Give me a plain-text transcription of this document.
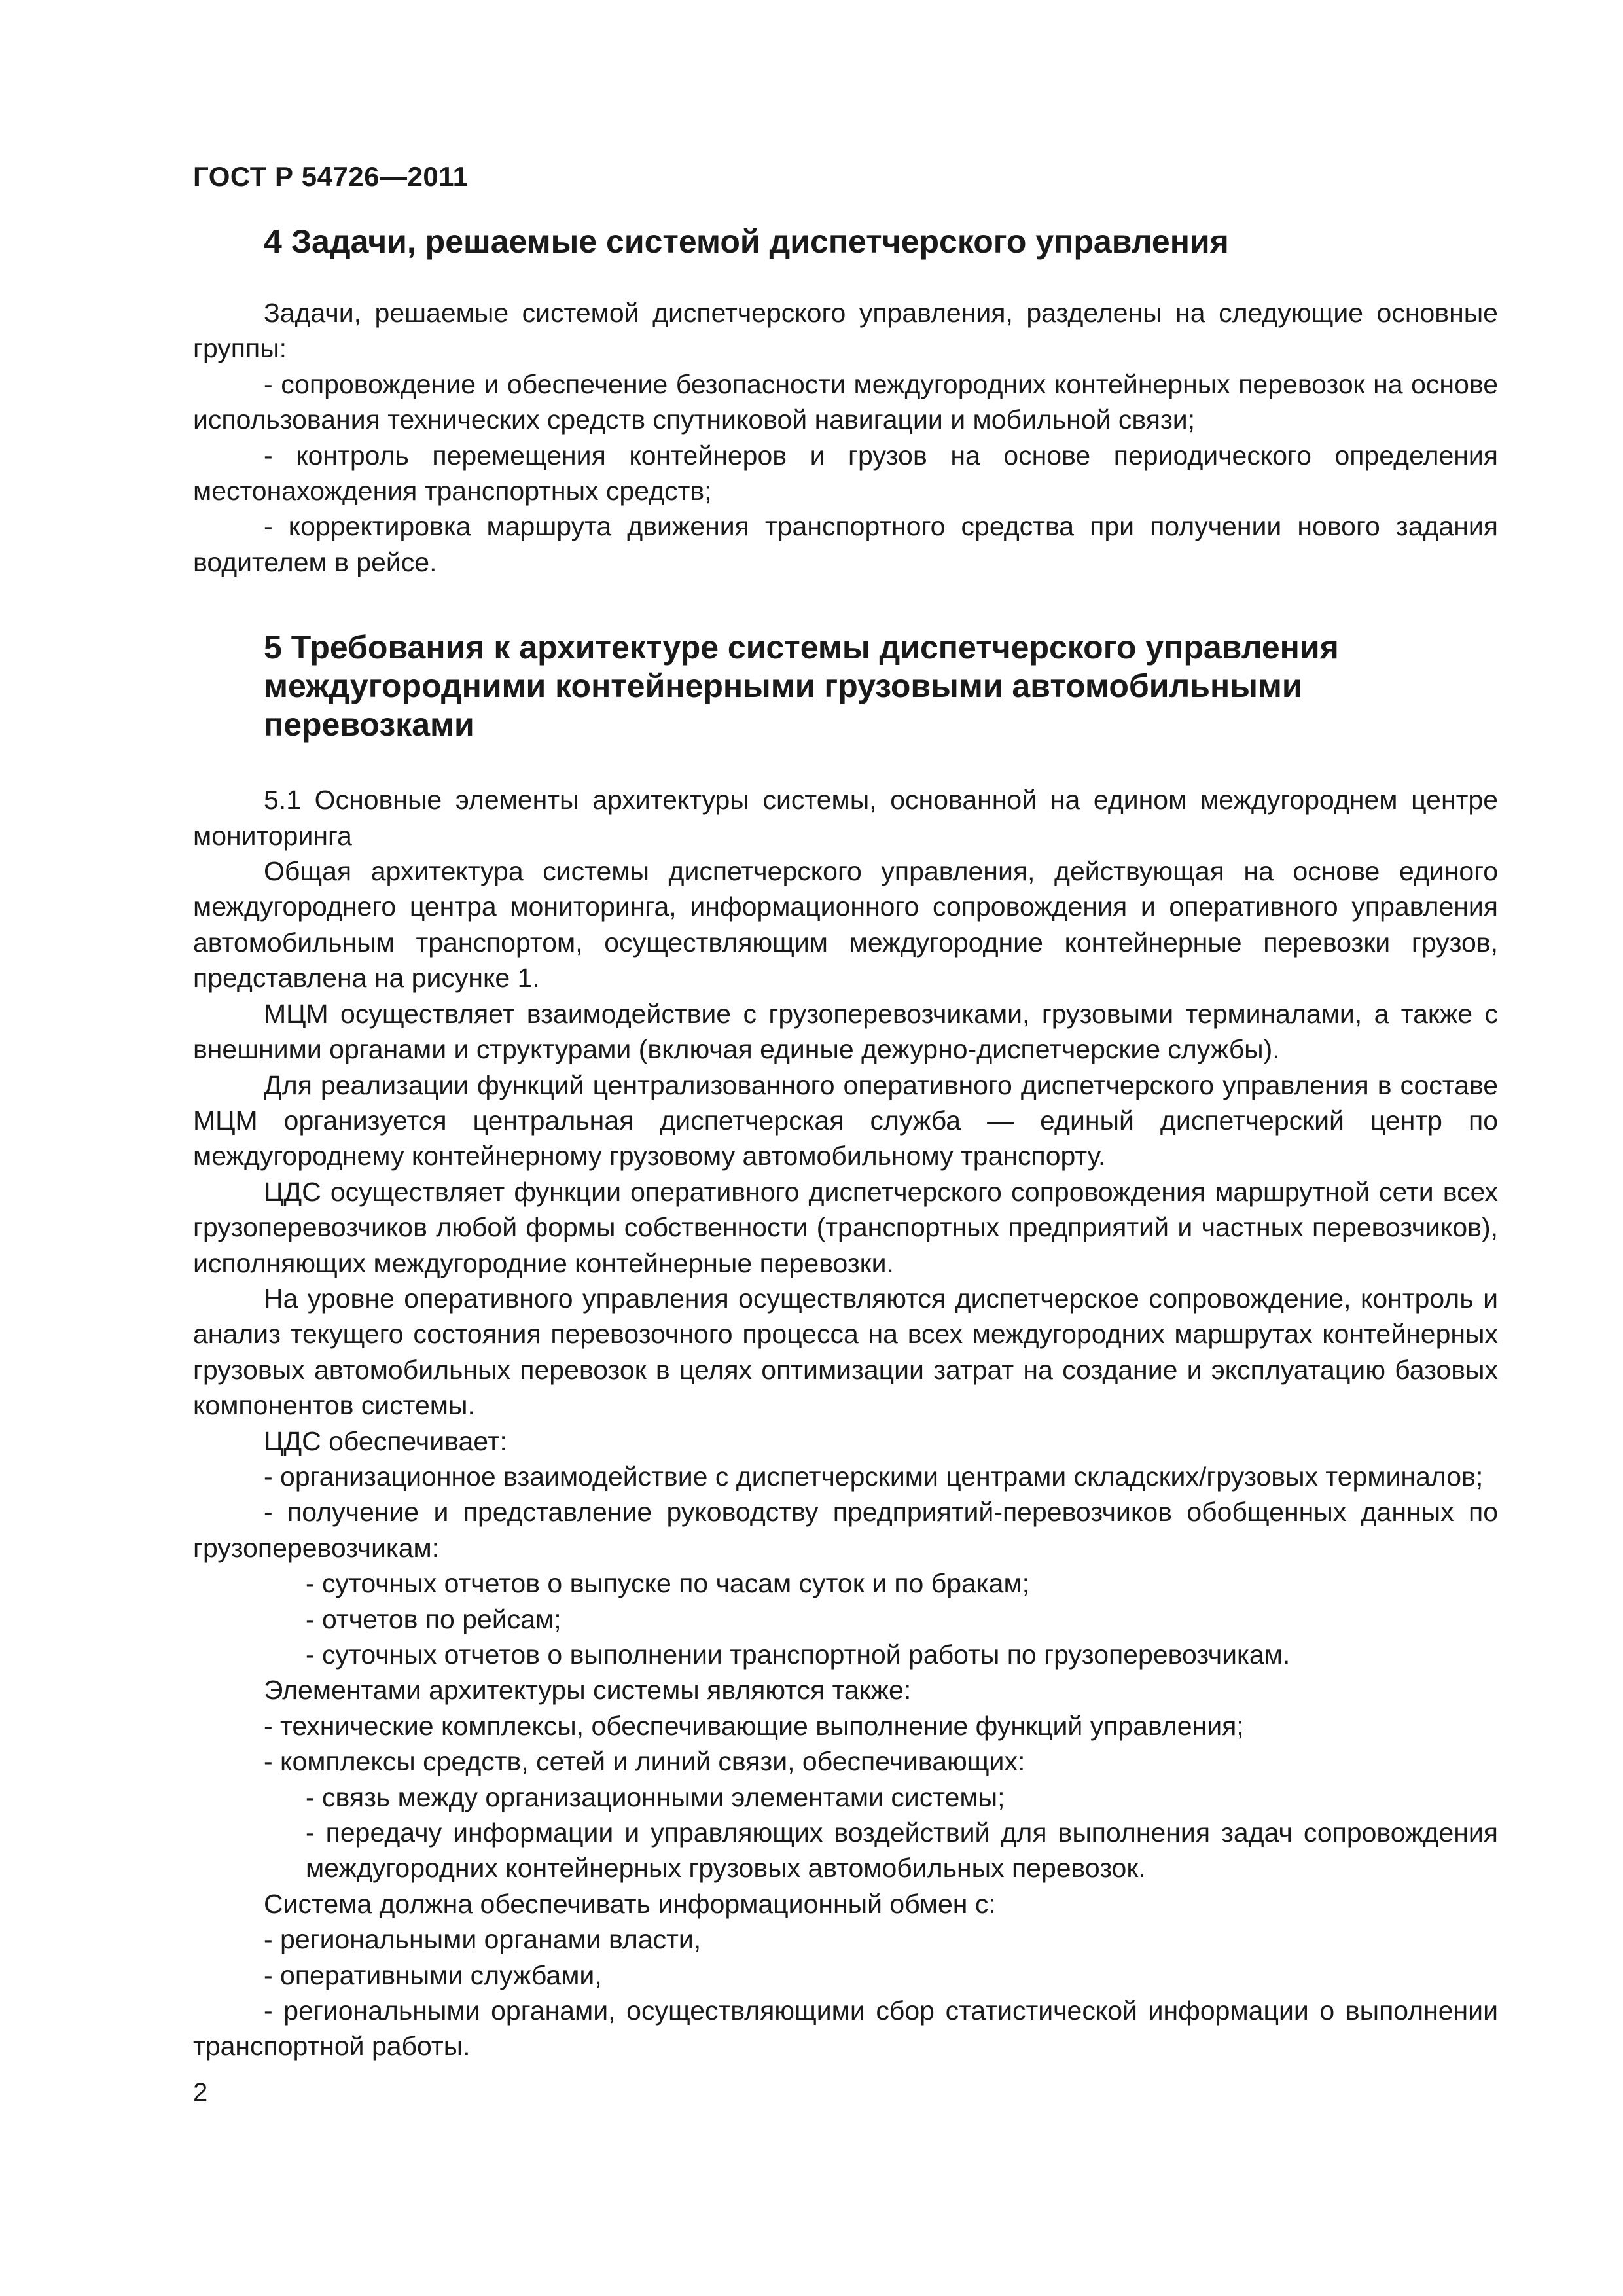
ГОСТ Р 54726—2011
4 Задачи, решаемые системой диспетчерского управления

Задачи, решаемые системой диспетчерского управления, разделены на следующие основные группы:

- сопровождение и обеспечение безопасности междугородних контейнерных перевозок на основе использования технических средств спутниковой навигации и мобильной связи;

- контроль перемещения контейнеров и грузов на основе периодического определения местонахождения транспортных средств;

- корректировка маршрута движения транспортного средства при получении нового задания водителем в рейсе.

5 Требования к архитектуре системы диспетчерского управления междугородними контейнерными грузовыми автомобильными перевозками

5.1 Основные элементы архитектуры системы, основанной на едином междугороднем центре мониторинга

Общая архитектура системы диспетчерского управления, действующая на основе единого междугороднего центра мониторинга, информационного сопровождения и оперативного управления автомобильным транспортом, осуществляющим междугородние контейнерные перевозки грузов, представлена на рисунке 1.

МЦМ осуществляет взаимодействие с грузоперевозчиками, грузовыми терминалами, а также с внешними органами и структурами (включая единые дежурно-диспетчерские службы).

Для реализации функций централизованного оперативного диспетчерского управления в составе МЦМ организуется центральная диспетчерская служба — единый диспетчерский центр по междугороднему контейнерному грузовому автомобильному транспорту.

ЦДС осуществляет функции оперативного диспетчерского сопровождения маршрутной сети всех грузоперевозчиков любой формы собственности (транспортных предприятий и частных перевозчиков), исполняющих междугородние контейнерные перевозки.

На уровне оперативного управления осуществляются диспетчерское сопровождение, контроль и анализ текущего состояния перевозочного процесса на всех междугородних маршрутах контейнерных грузовых автомобильных перевозок в целях оптимизации затрат на создание и эксплуатацию базовых компонентов системы.

ЦДС обеспечивает:

- организационное взаимодействие с диспетчерскими центрами складских/грузовых терминалов;

- получение и представление руководству предприятий-перевозчиков обобщенных данных по грузоперевозчикам:

- суточных отчетов о выпуске по часам суток и по бракам;

- отчетов по рейсам;

- суточных отчетов о выполнении транспортной работы по грузоперевозчикам.

Элементами архитектуры системы являются также:

- технические комплексы, обеспечивающие выполнение функций управления;

- комплексы средств, сетей и линий связи, обеспечивающих:

- связь между организационными элементами системы;

- передачу информации и управляющих воздействий для выполнения задач сопровождения междугородних контейнерных грузовых автомобильных перевозок.

Система должна обеспечивать информационный обмен с:

- региональными органами власти,

- оперативными службами,

- региональными органами, осуществляющими сбор статистической информации о выполнении транспортной работы.

2
